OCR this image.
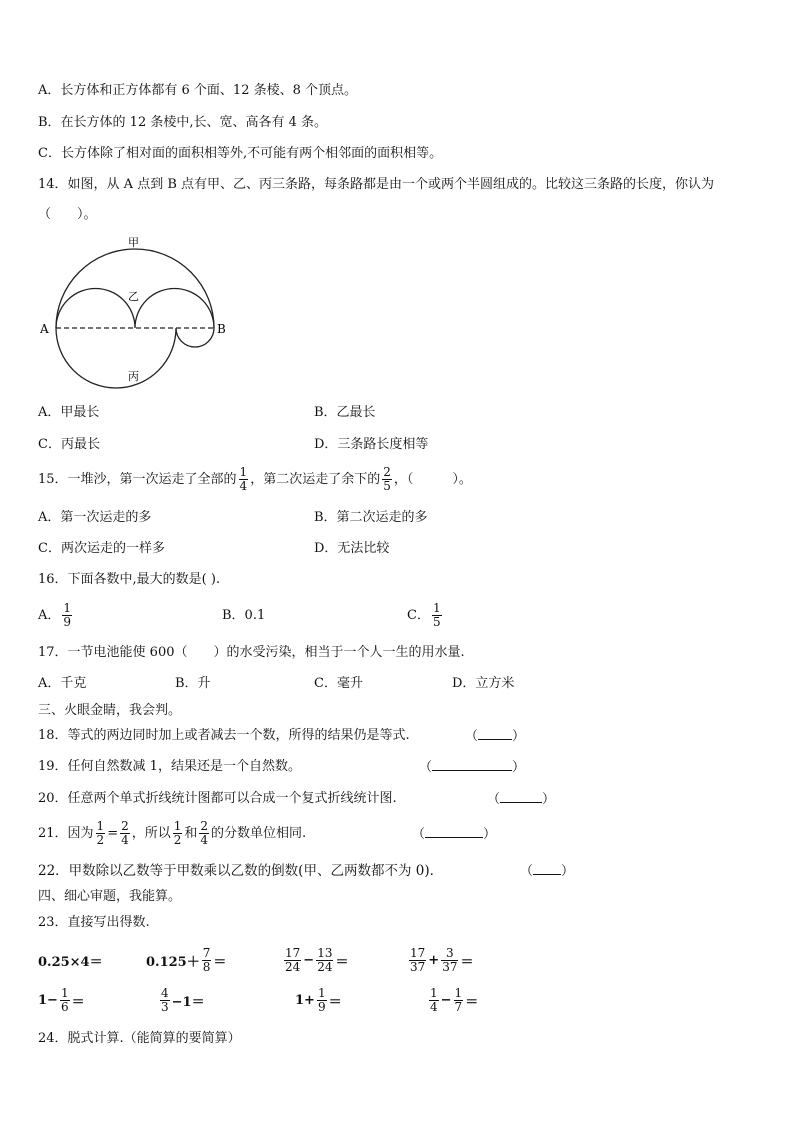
A．长方体和正方体都有 6 个面、12 条棱、8 个顶点。
B．在长方体的 12 条棱中,长、宽、高各有 4 条。
C．长方体除了相对面的面积相等外,不可能有两个相邻面的面积相等。
14．如图，从 A 点到 B 点有甲、乙、丙三条路，每条路都是由一个或两个半圆组成的。比较这三条路的长度，你认为
（　　）。
甲
乙
丙
A	B
A．甲最长	B．乙最长
C．丙最长	D．三条路长度相等
15．一堆沙，第一次运走了全部的 $\frac{1}{4}$ ，第二次运走了余下的 $\frac{2}{5}$ ，（　　　）。
A．第一次运走的多	B．第二次运走的多
C．两次运走的一样多	D．无法比较
16．下面各数中,最大的数是( ).
A． $\frac{1}{9}$	B．0.1	C． $\frac{1}{5}$
17．一节电池能使 600（　　）的水受污染，相当于一个人一生的用水量.
A．千克	B．升	C．毫升	D．立方米
三、火眼金睛，我会判。
18．等式的两边同时加上或者减去一个数，所得的结果仍是等式.	（	）
19．任何自然数减 1，结果还是一个自然数。	（	）
20．任意两个单式折线统计图都可以合成一个复式折线统计图.	（	）
21．因为 $\frac{1}{2} = \frac{2}{4}$ ，所以 $\frac{1}{2}$ 和 $\frac{2}{4}$ 的分数单位相同.	（	）
22．甲数除以乙数等于甲数乘以乙数的倒数(甲、乙两数都不为 0)．	（ ）
四、细心审题，我能算。
23．直接写出得数.
0.25×4＝	$0.125+ \frac{7}{8}$ ＝	$\frac{17}{24} - \frac{13}{24}$ ＝	$\frac{17}{37} + \frac{3}{37}$ ＝
$1- \frac{1}{6}$ ＝	$\frac{4}{3} -1=$	$1+ \frac{1}{9}$ ＝	$\frac{1}{4} - \frac{1}{7}$ ＝
24．脱式计算.（能简算的要简算）
